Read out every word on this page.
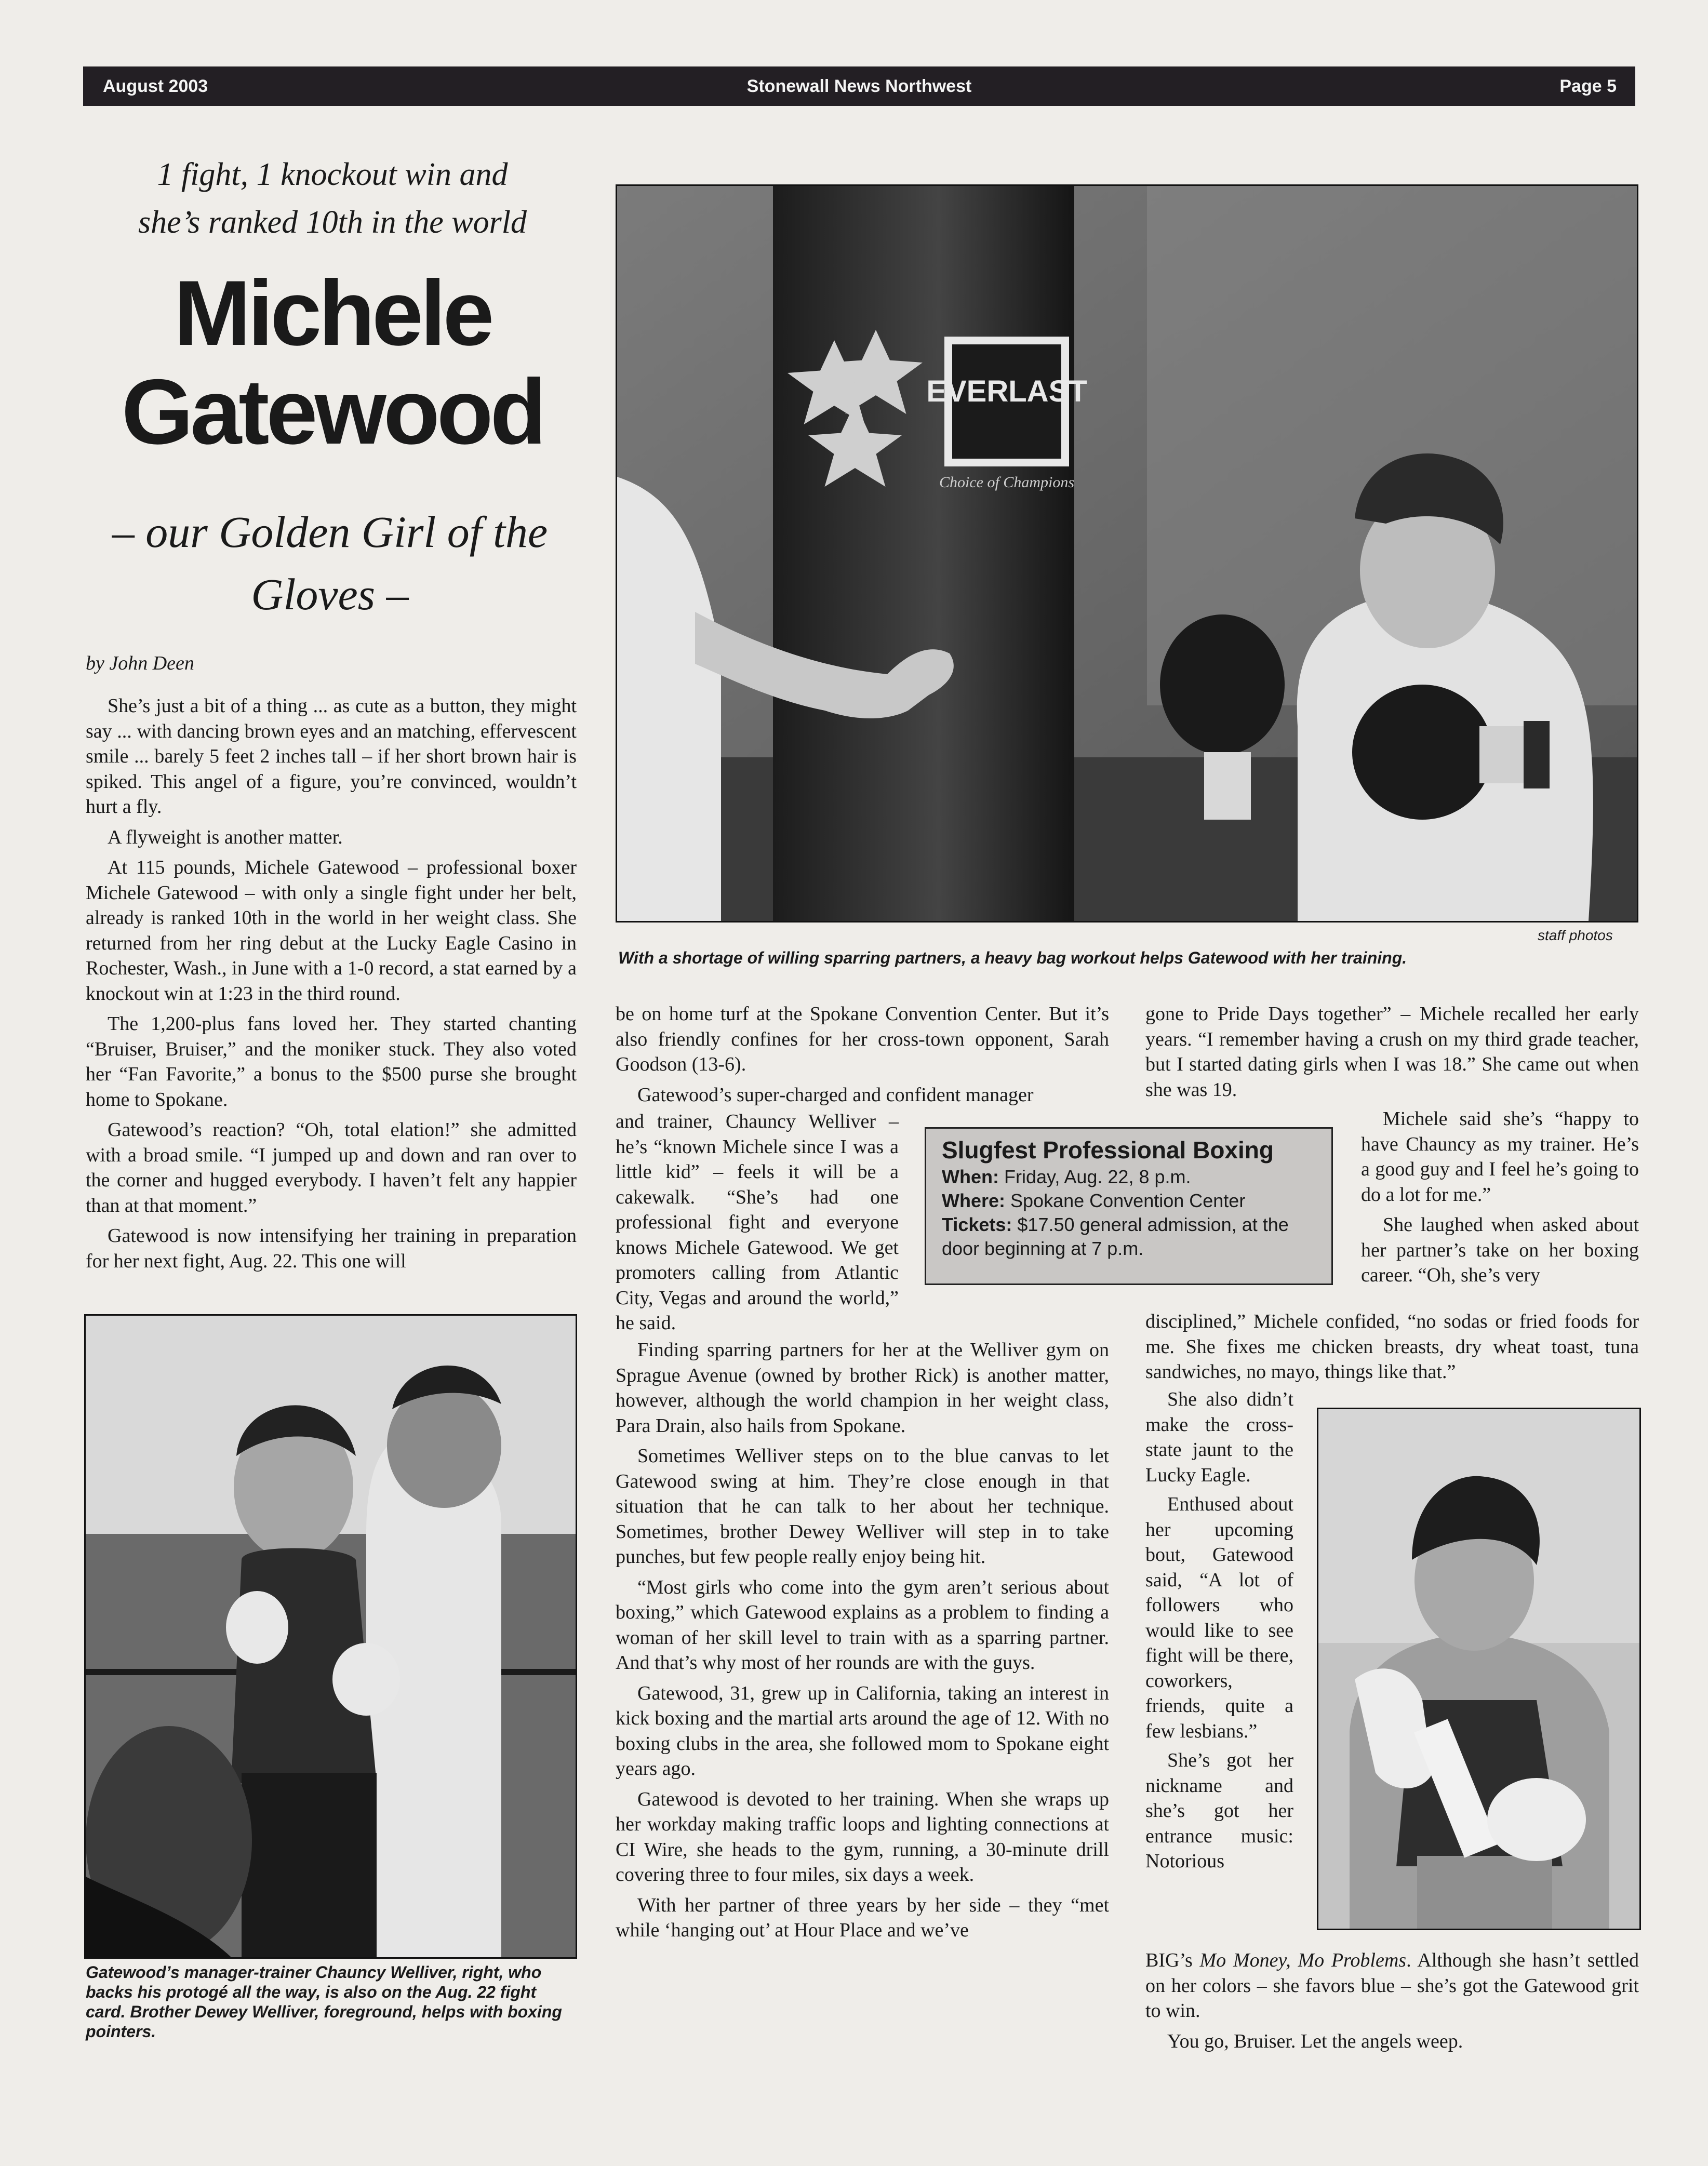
August 2003	Stonewall News Northwest	Page 5
1 fight, 1 knockout win and
she’s ranked 10th in the world
Michele
Gatewood
– our Golden Girl of the
Gloves –
by John Deen

She’s just a bit of a thing ... as cute as a button, they might say ... with dancing brown eyes and an matching, effervescent smile ... barely 5 feet 2 inches tall – if her short brown hair is spiked. This angel of a figure, you’re convinced, wouldn’t hurt a fly.

A flyweight is another matter.

At 115 pounds, Michele Gatewood – professional boxer Michele Gatewood – with only a single fight under her belt, already is ranked 10th in the world in her weight class. She returned from her ring debut at the Lucky Eagle Casino in Rochester, Wash., in June with a 1-0 record, a stat earned by a knockout win at 1:23 in the third round.

The 1,200-plus fans loved her. They started chanting “Bruiser, Bruiser,” and the moniker stuck. They also voted her “Fan Favorite,” a bonus to the $500 purse she brought home to Spokane.

Gatewood’s reaction? “Oh, total elation!” she admitted with a broad smile. “I jumped up and down and ran over to the corner and hugged everybody. I haven’t felt any happier than at that moment.”

Gatewood is now intensifying her training in preparation for her next fight, Aug. 22. This one will

EVERLAST
Choice of Champions
staff photos
With a shortage of willing sparring partners, a heavy bag workout helps Gatewood with her training.
Gatewood’s manager-trainer Chauncy Welliver, right, who backs his protogé all the way, is also on the Aug. 22 fight card. Brother Dewey Welliver, foreground, helps with boxing pointers.

be on home turf at the Spokane Convention Center. But it’s also friendly confines for her cross-town opponent, Sarah Goodson (13-6).

Gatewood’s super-charged and confident manager

and trainer, Chauncy Welliver – he’s “known Michele since I was a little kid” – feels it will be a cakewalk. “She’s had one professional fight and everyone knows Michele Gatewood. We get promoters calling from Atlantic City, Vegas and around the world,” he said.

Finding sparring partners for her at the Welliver gym on Sprague Avenue (owned by brother Rick) is another matter, however, although the world champion in her weight class, Para Drain, also hails from Spokane.

Sometimes Welliver steps on to the blue canvas to let Gatewood swing at him. They’re close enough in that situation that he can talk to her about her technique. Sometimes, brother Dewey Welliver will step in to take punches, but few people really enjoy being hit.

“Most girls who come into the gym aren’t serious about boxing,” which Gatewood explains as a problem to finding a woman of her skill level to train with as a sparring partner. And that’s why most of her rounds are with the guys.

Gatewood, 31, grew up in California, taking an interest in kick boxing and the martial arts around the age of 12. With no boxing clubs in the area, she followed mom to Spokane eight years ago.

Gatewood is devoted to her training. When she wraps up her workday making traffic loops and lighting connections at CI Wire, she heads to the gym, running, a 30-minute drill covering three to four miles, six days a week.

With her partner of three years by her side – they “met while ‘hanging out’ at Hour Place and we’ve

Slugfest Professional Boxing
When: Friday, Aug. 22, 8 p.m.
Where: Spokane Convention Center
Tickets: $17.50 general admission, at the door beginning at 7 p.m.

gone to Pride Days together” – Michele recalled her early years. “I remember having a crush on my third grade teacher, but I started dating girls when I was 18.” She came out when she was 19.

Michele said she’s “happy to have Chauncy as my trainer. He’s a good guy and I feel he’s going to do a lot for me.”

She laughed when asked about her partner’s take on her boxing career. “Oh, she’s very

disciplined,” Michele confided, “no sodas or fried foods for me. She fixes me chicken breasts, dry wheat toast, tuna sandwiches, no mayo, things like that.”

She also didn’t make the cross-state jaunt to the Lucky Eagle.

Enthused about her upcoming bout, Gatewood said, “A lot of followers who would like to see fight will be there, coworkers, friends, quite a few lesbians.”

She’s got her nickname and she’s got her entrance music: Notorious

BIG’s Mo Money, Mo Problems. Although she hasn’t settled on her colors – she favors blue – she’s got the Gatewood grit to win.

You go, Bruiser. Let the angels weep.
